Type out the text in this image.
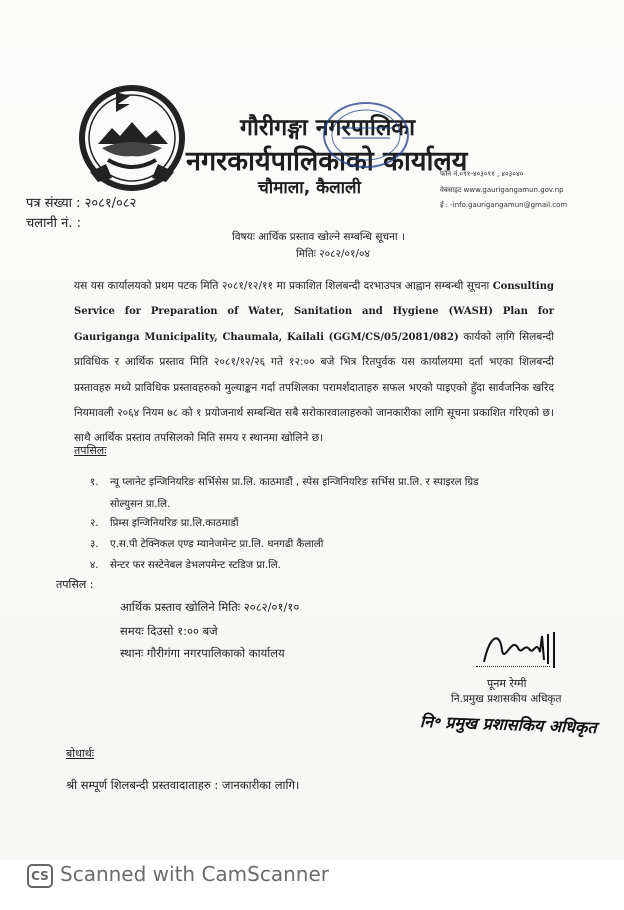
गौरीगङ्गा नगरपालिका
नगरकार्यपालिकाको कार्यालय
चौमाला, कैलाली
फोन नं.०९१-४०३०९१ , ४०३०४०
वेबसाइट www.gaurigangamun.gov.np
ई : -info.gaurigangamun@gmail.com
पत्र संख्या : २०८१/०८२
चलानी नं. :
विषयः आर्थिक प्रस्ताव खोल्ने सम्बन्धि सूचना ।
मितिः २०८२/०१/०४
यस यस कार्यालयको प्रथम पटक मिति २०८१/१२/११ मा प्रकाशित शिलबन्दी दरभाउपत्र आह्वान सम्बन्धी सूचना Consulting Service for Preparation of Water, Sanitation and Hygiene (WASH) Plan for Gauriganga Municipality, Chaumala, Kailali (GGM/CS/05/2081/082) कार्यको लागि सिलबन्दी प्राविधिक र आर्थिक प्रस्ताव मिति २०८१/१२/२६ गते १२:०० बजे भित्र रितपुर्वक यस कार्यालयमा दर्ता भएका शिलबन्दी प्रस्तावहरु मध्ये प्राविधिक प्रस्तावहरुको मुल्याङ्कन गर्दा तपशिलका परामर्शदाताहरु सफल भएको पाइएको हुँदा सार्वजनिक खरिद नियमावली २०६४ नियम ७८ को १ प्रयोजनार्थ सम्बन्धित सबै सरोकारवालाहरुको जानकारीका लागि सूचना प्रकाशित गरिएको छ। साथै आर्थिक प्रस्ताव तपसिलको मिति समय र स्थानमा खोलिने छ।
तपसिलः
१. न्यू प्लानेट इन्जिनियरिङ सर्भिसेस प्रा.लि. काठमाडौं , स्पेस इन्जिनियरिङ सर्भिस प्रा.लि. र स्पाइरल ग्रिड
सोल्युसन प्रा.लि.
२. प्रिम्स इन्जिनियरिङ प्रा.लि.काठमाडौं
३. ए.स.पी टेक्निकल एण्ड म्यानेजमेन्ट प्रा.लि. धनगढी कैलाली
४. सेन्टर फर सस्टेनेबल डेभलपमेन्ट स्टडिज प्रा.लि.
तपसिल :
आर्थिक प्रस्ताव खोलिने मितिः २०८२/०१/१०
समयः दिउसो १:०० बजे
स्थानः गौरीगंगा नगरपालिकाको कार्यालय
पूनम रेग्मी
नि.प्रमुख प्रशासकीय अधिकृत
नि॰ प्रमुख प्रशासकिय अधिकृत
बोधार्थः
श्री सम्पूर्ण शिलबन्दी प्रस्तवादाताहरु : जानकारीका लागि।
CS Scanned with CamScanner
